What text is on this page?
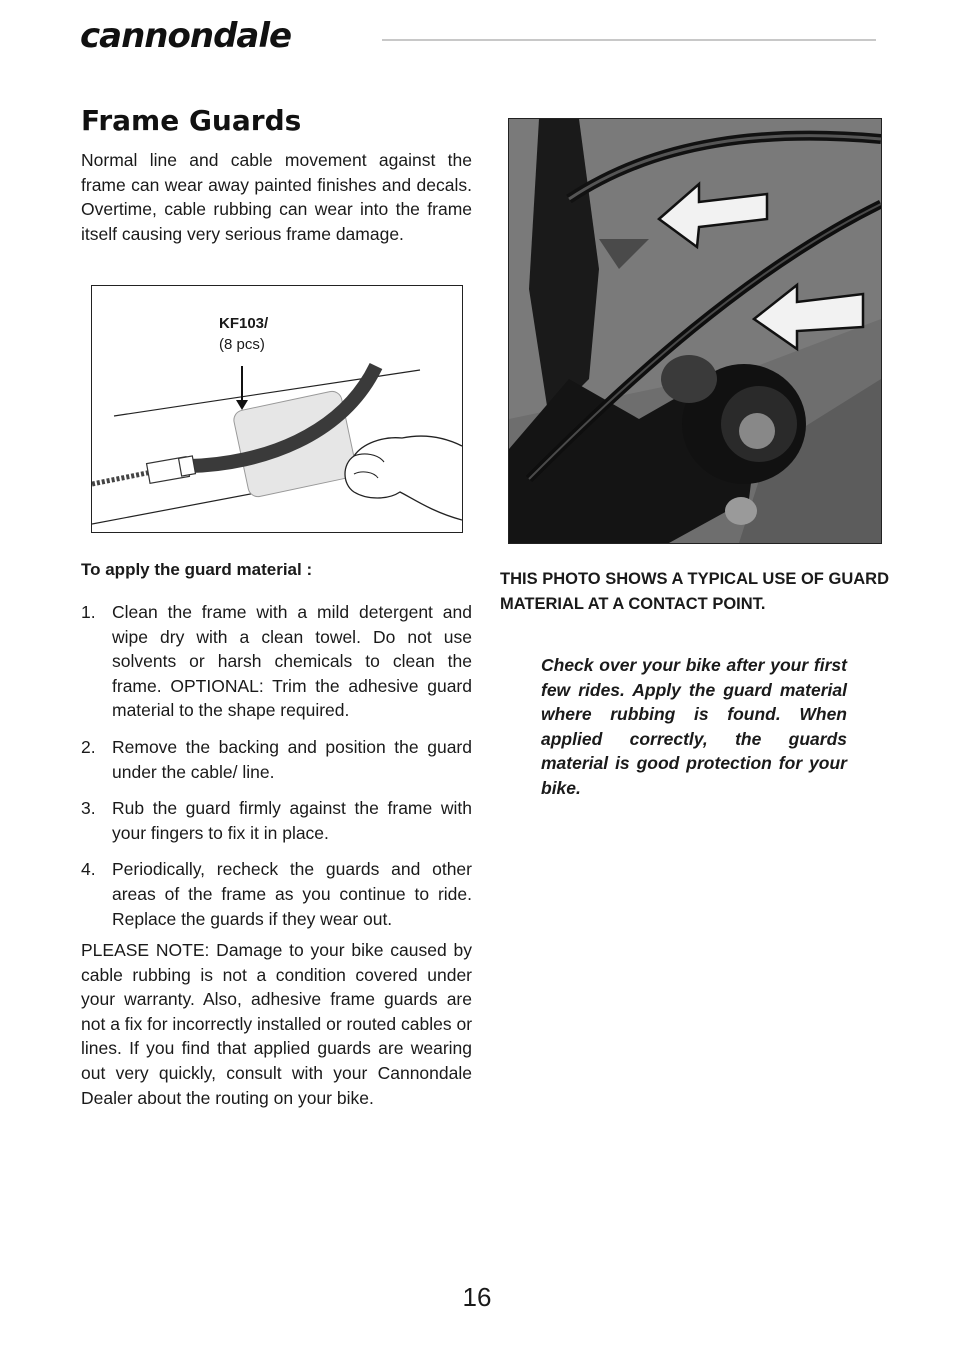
cannondale
Frame Guards

Normal line and cable movement against the frame can wear away painted finishes and decals. Overtime, cable rubbing can wear into the frame itself causing very serious frame damage.

KF103/
(8 pcs)

To apply the guard material :

1. Clean the frame with a mild detergent and wipe dry with a clean towel. Do not use solvents or harsh chemicals to clean the frame. OPTIONAL: Trim the adhesive guard material to the shape required.
2. Remove the backing and position the guard under the cable/ line.
3. Rub the guard firmly against the frame with your fingers to fix it in place.
4. Periodically, recheck the guards and other areas of the frame as you continue to ride. Replace the guards if they wear out.

PLEASE NOTE: Damage to your bike caused by cable rubbing is not a condition covered under your warranty. Also, adhesive frame guards are not a fix for incorrectly installed or routed cables or lines. If you find that applied guards are wearing out very quickly, consult with your Cannondale Dealer about the routing on your bike.

THIS PHOTO SHOWS A TYPICAL USE OF GUARD MATERIAL AT A CONTACT POINT.

Check over your bike after your first few rides. Apply the guard material where rubbing is found. When applied correctly, the guards material is good protection for your bike.

16
